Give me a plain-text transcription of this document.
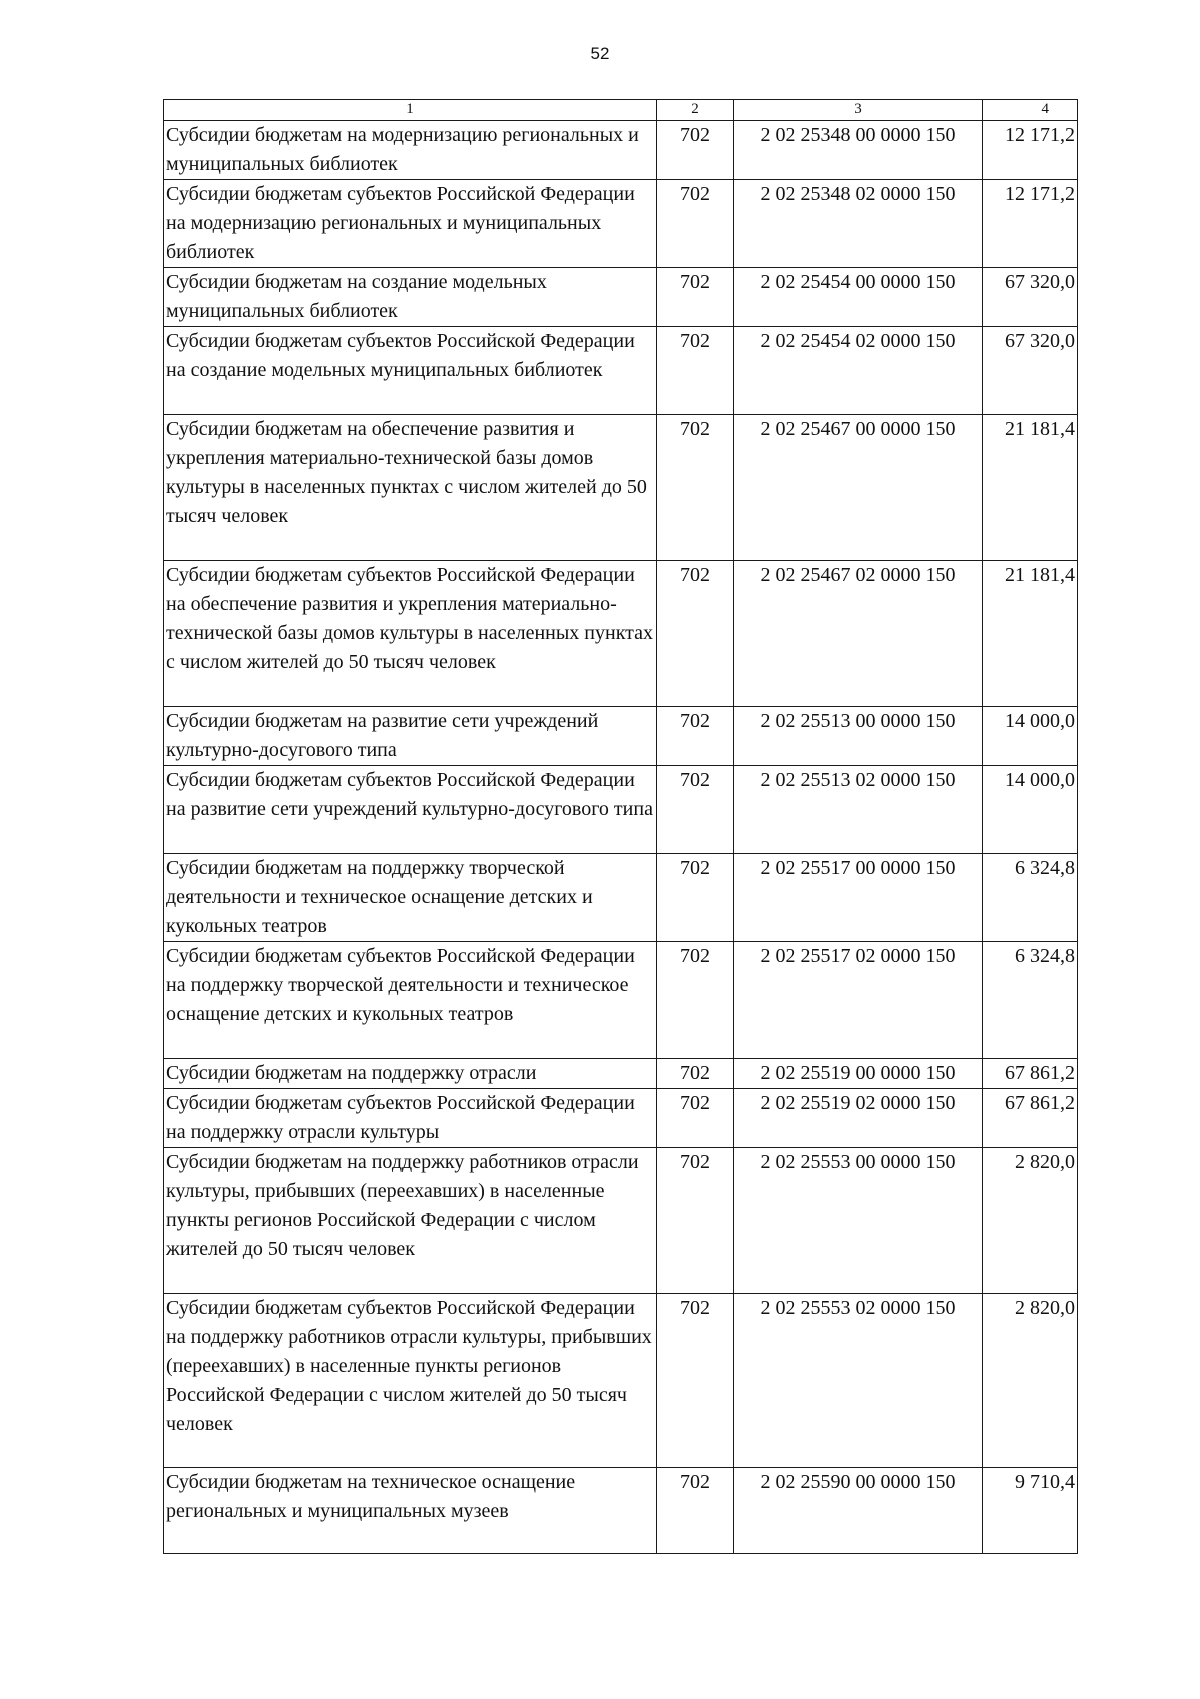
52
1	2	3	4
Субсидии бюджетам на модернизацию региональных и муниципальных библиотек	702	2 02 25348 00 0000 150	12 171,2
Субсидии бюджетам субъектов Российской Федерации на модернизацию региональных и муниципальных библиотек	702	2 02 25348 02 0000 150	12 171,2
Субсидии бюджетам на создание модельных муниципальных библиотек	702	2 02 25454 00 0000 150	67 320,0
Субсидии бюджетам субъектов Российской Федерации на создание модельных муниципальных библиотек	702	2 02 25454 02 0000 150	67 320,0
Субсидии бюджетам на обеспечение развития и укрепления материально-технической базы домов культуры в населенных пунктах с числом жителей до 50 тысяч человек	702	2 02 25467 00 0000 150	21 181,4
Субсидии бюджетам субъектов Российской Федерации на обеспечение развития и укрепления материально-технической базы домов культуры в населенных пунктах с числом жителей до 50 тысяч человек	702	2 02 25467 02 0000 150	21 181,4
Субсидии бюджетам на развитие сети учреждений культурно-досугового типа	702	2 02 25513 00 0000 150	14 000,0
Субсидии бюджетам субъектов Российской Федерации на развитие сети учреждений культурно-досугового типа	702	2 02 25513 02 0000 150	14 000,0
Субсидии бюджетам на поддержку творческой деятельности и техническое оснащение детских и кукольных театров	702	2 02 25517 00 0000 150	6 324,8
Субсидии бюджетам субъектов Российской Федерации на поддержку творческой деятельности и техническое оснащение детских и кукольных театров	702	2 02 25517 02 0000 150	6 324,8
Субсидии бюджетам на поддержку отрасли	702	2 02 25519 00 0000 150	67 861,2
Субсидии бюджетам субъектов Российской Федерации на поддержку отрасли культуры	702	2 02 25519 02 0000 150	67 861,2
Субсидии бюджетам на поддержку работников отрасли культуры, прибывших (переехавших) в населенные пункты регионов Российской Федерации с числом жителей до 50 тысяч человек	702	2 02 25553 00 0000 150	2 820,0
Субсидии бюджетам субъектов Российской Федерации на поддержку работников отрасли культуры, прибывших (переехавших) в населенные пункты регионов Российской Федерации с числом жителей до 50 тысяч человек	702	2 02 25553 02 0000 150	2 820,0
Субсидии бюджетам на техническое оснащение региональных и муниципальных музеев	702	2 02 25590 00 0000 150	9 710,4
